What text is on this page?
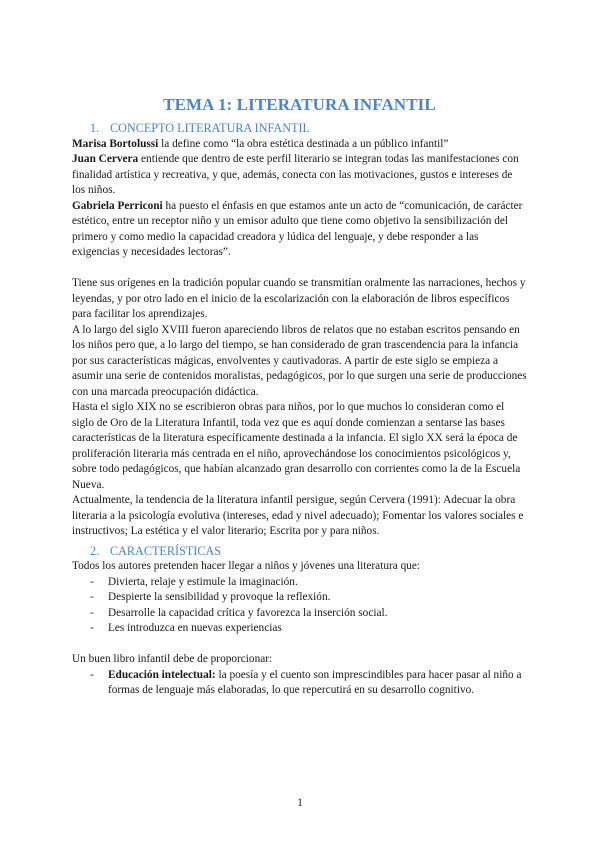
TEMA 1: LITERATURA INFANTIL
1. CONCEPTO LITERATURA INFANTIL

Marisa Bortolussi la define como “la obra estética destinada a un público infantil”

Juan Cervera entiende que dentro de este perfil literario se integran todas las manifestaciones con finalidad artística y recreativa, y que, además, conecta con las motivaciones, gustos e intereses de los niños.

Gabriela Perriconi ha puesto el énfasis en que estamos ante un acto de “comunicación, de carácter estético, entre un receptor niño y un emisor adulto que tiene como objetivo la sensibilización del primero y como medio la capacidad creadora y lúdica del lenguaje, y debe responder a las exigencias y necesidades lectoras”.

Tiene sus orígenes en la tradición popular cuando se transmitían oralmente las narraciones, hechos y leyendas, y por otro lado en el inicio de la escolarización con la elaboración de libros específicos para facilitar los aprendizajes.

A lo largo del siglo XVIII fueron apareciendo libros de relatos que no estaban escritos pensando en los niños pero que, a lo largo del tiempo, se han considerado de gran trascendencia para la infancia por sus características mágicas, envolventes y cautivadoras. A partir de este siglo se empieza a asumir una serie de contenidos moralistas, pedagógicos, por lo que surgen una serie de producciones con una marcada preocupación didáctica.

Hasta el siglo XIX no se escribieron obras para niños, por lo que muchos lo consideran como el siglo de Oro de la Literatura Infantil, toda vez que es aquí donde comienzan a sentarse las bases características de la literatura específicamente destinada a la infancia. El siglo XX será la época de proliferación literaria más centrada en el niño, aprovechándose los conocimientos psicológicos y, sobre todo pedagógicos, que habían alcanzado gran desarrollo con corrientes como la de la Escuela Nueva.

Actualmente, la tendencia de la literatura infantil persigue, según Cervera (1991): Adecuar la obra literaria a la psicología evolutiva (intereses, edad y nivel adecuado); Fomentar los valores sociales e instructivos; La estética y el valor literario; Escrita por y para niños.

2. CARACTERÍSTICAS

Todos los autores pretenden hacer llegar a niños y jóvenes una literatura que:

- Divierta, relaje y estimule la imaginación.
- Despierte la sensibilidad y provoque la reflexión.
- Desarrolle la capacidad crítica y favorezca la inserción social.
- Les introduzca en nuevas experiencias

Un buen libro infantil debe de proporcionar:

- Educación intelectual: la poesía y el cuento son imprescindibles para hacer pasar al niño a formas de lenguaje más elaboradas, lo que repercutirá en su desarrollo cognitivo.
1
